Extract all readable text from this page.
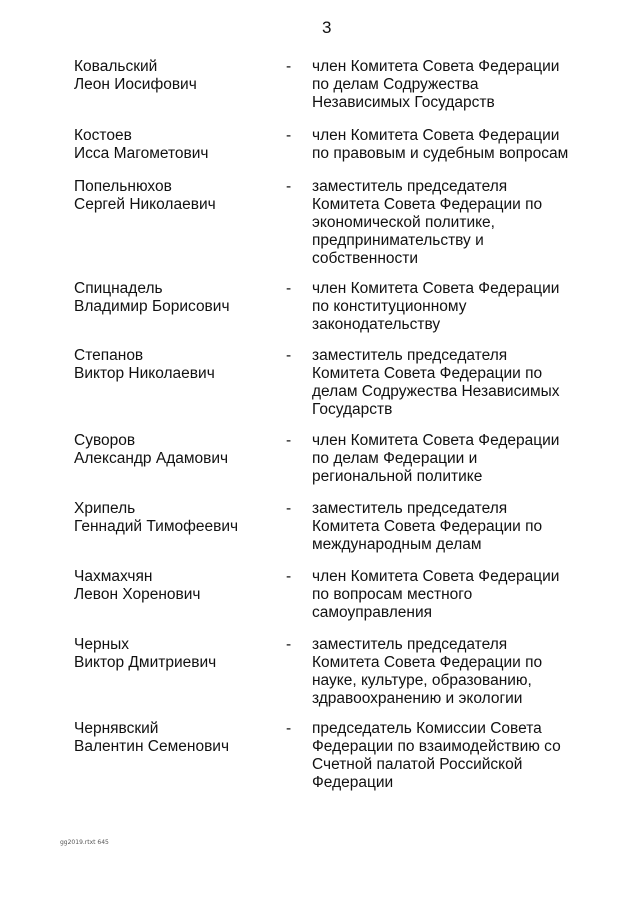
3
Ковальский
Леон Иосифович
- член Комитета Совета Федерации
по делам Содружества
Независимых Государств
Костоев
Исса Магометович
- член Комитета Совета Федерации
по правовым и судебным вопросам
Попельнюхов
Сергей Николаевич
- заместитель председателя
Комитета Совета Федерации по
экономической политике,
предпринимательству и
собственности
Спицнадель
Владимир Борисович
- член Комитета Совета Федерации
по конституционному
законодательству
Степанов
Виктор Николаевич
- заместитель председателя
Комитета Совета Федерации по
делам Содружества Независимых
Государств
Суворов
Александр Адамович
- член Комитета Совета Федерации
по делам Федерации и
региональной политике
Хрипель
Геннадий Тимофеевич
- заместитель председателя
Комитета Совета Федерации по
международным делам
Чахмахчян
Левон Хоренович
- член Комитета Совета Федерации
по вопросам местного
самоуправления
Черных
Виктор Дмитриевич
- заместитель председателя
Комитета Совета Федерации по
науке, культуре, образованию,
здравоохранению и экологии
Чернявский
Валентин Семенович
- председатель Комиссии Совета
Федерации по взаимодействию со
Счетной палатой Российской
Федерации
gg2019.rtxt 645
